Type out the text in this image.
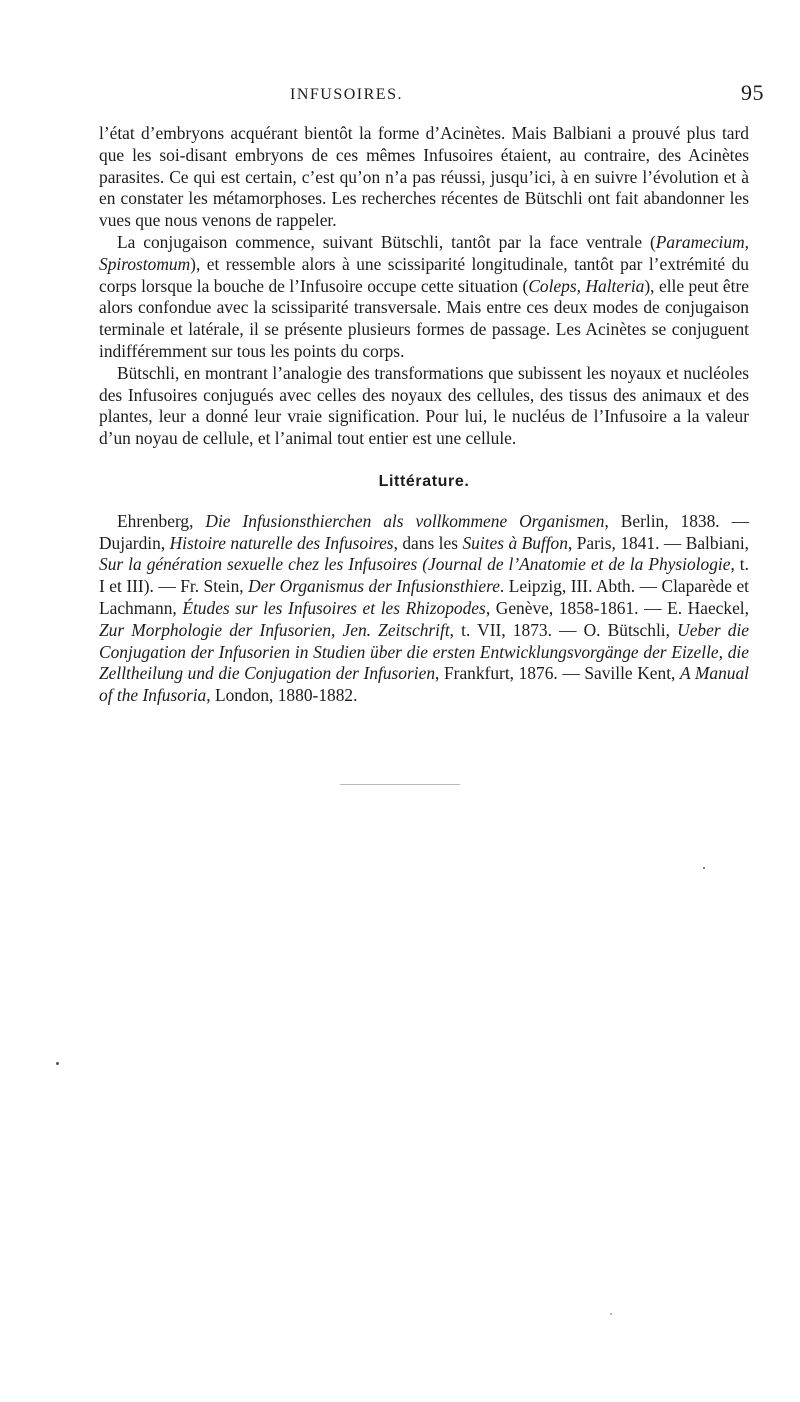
INFUSOIRES.	95

l’état d’embryons acquérant bientôt la forme d’Acinètes. Mais Balbiani a prouvé plus tard que les soi-disant embryons de ces mêmes Infusoires étaient, au contraire, des Acinètes parasites. Ce qui est certain, c’est qu’on n’a pas réussi, jusqu’ici, à en suivre l’évolution et à en constater les métamorphoses. Les recherches récentes de Bütschli ont fait abandonner les vues que nous venons de rappeler.

La conjugaison commence, suivant Bütschli, tantôt par la face ventrale (Paramecium, Spirostomum), et ressemble alors à une scissiparité longitudinale, tantôt par l’extrémité du corps lorsque la bouche de l’Infusoire occupe cette situation (Coleps, Halteria), elle peut être alors confondue avec la scissiparité transversale. Mais entre ces deux modes de conjugaison terminale et latérale, il se présente plusieurs formes de passage. Les Acinètes se conjuguent indifféremment sur tous les points du corps.

Bütschli, en montrant l’analogie des transformations que subissent les noyaux et nucléoles des Infusoires conjugués avec celles des noyaux des cellules, des tissus des animaux et des plantes, leur a donné leur vraie signification. Pour lui, le nucléus de l’Infusoire a la valeur d’un noyau de cellule, et l’animal tout entier est une cellule.

Littérature.

Ehrenberg, Die Infusionsthierchen als vollkommene Organismen, Berlin, 1838. — Dujardin, Histoire naturelle des Infusoires, dans les Suites à Buffon, Paris, 1841. — Balbiani, Sur la génération sexuelle chez les Infusoires (Journal de l’Anatomie et de la Physiologie, t. I et III). — Fr. Stein, Der Organismus der Infusionsthiere. Leipzig, III. Abth. — Claparède et Lachmann, Études sur les Infusoires et les Rhizopodes, Genève, 1858-1861. — E. Haeckel, Zur Morphologie der Infusorien, Jen. Zeitschrift, t. VII, 1873. — O. Bütschli, Ueber die Conjugation der Infusorien in Studien über die ersten Entwicklungsvorgänge der Eizelle, die Zelltheilung und die Conjugation der Infusorien, Frankfurt, 1876. — Saville Kent, A Manual of the Infusoria, London, 1880-1882.
